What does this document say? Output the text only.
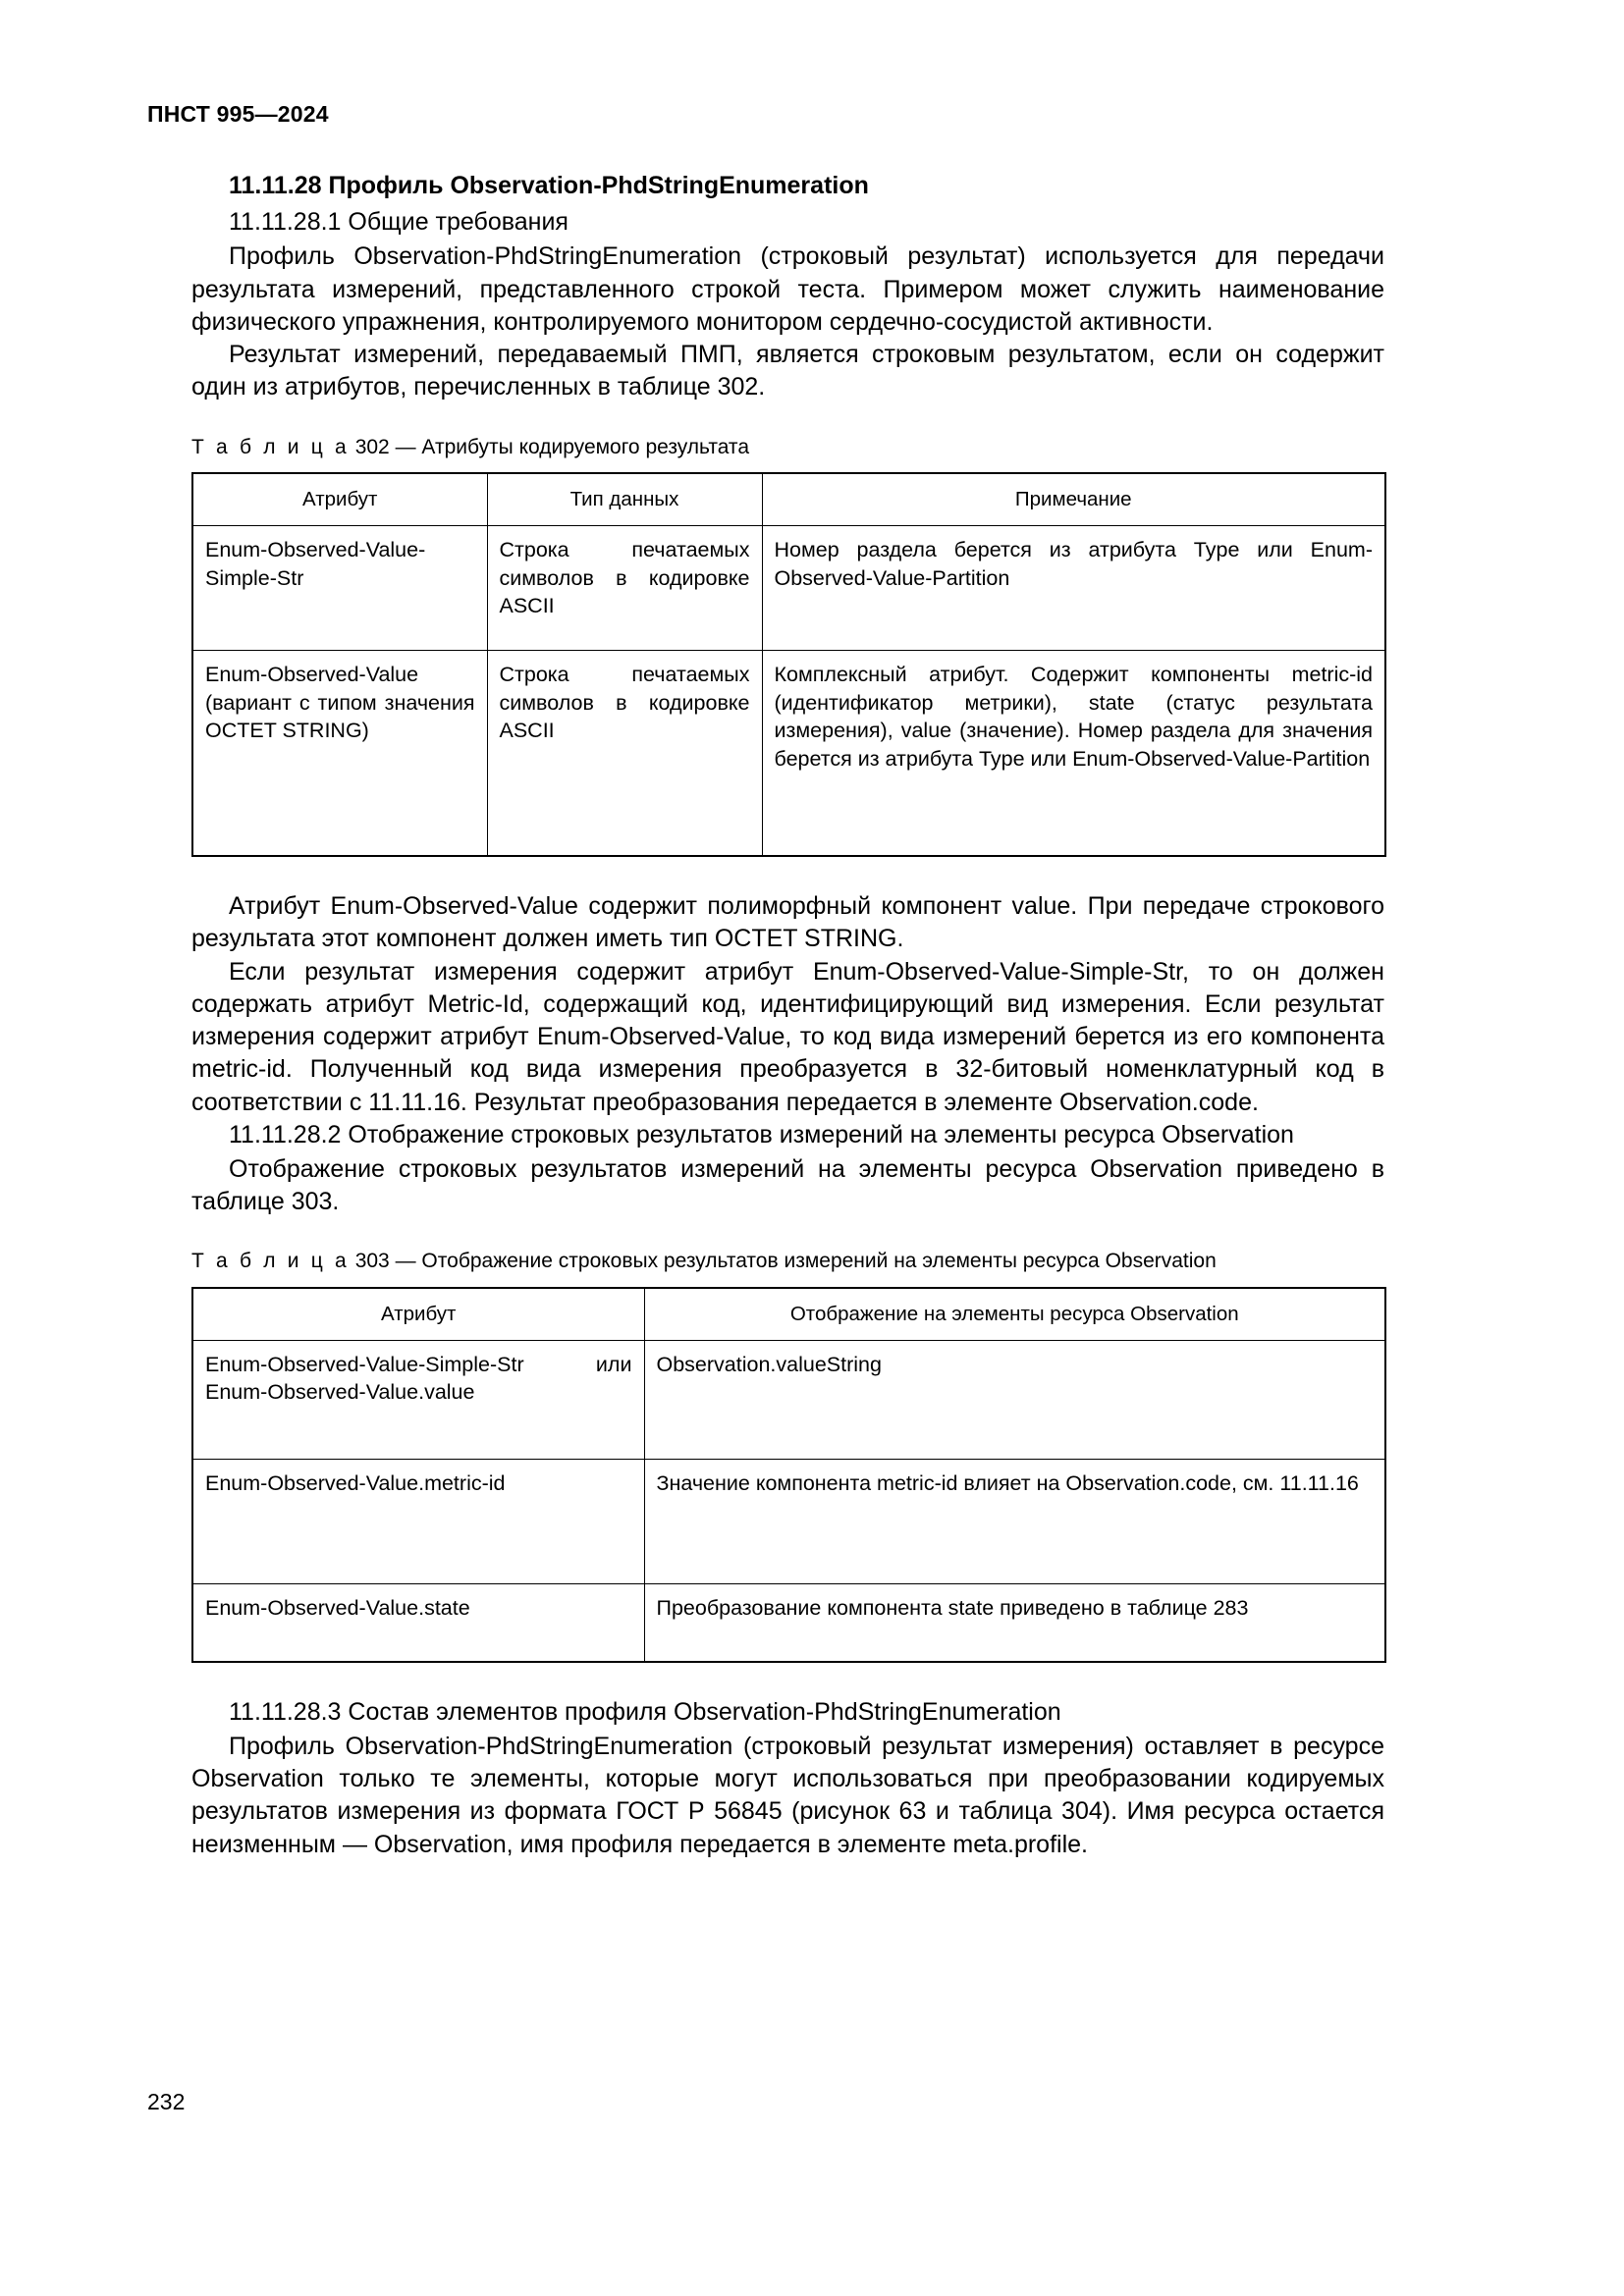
ПНСТ 995—2024
11.11.28 Профиль Observation-PhdStringEnumeration
11.11.28.1 Общие требования

Профиль Observation-PhdStringEnumeration (строковый результат) используется для передачи результата измерений, представленного строкой теста. Примером может служить наименование физического упражнения, контролируемого монитором сердечно-сосудистой активности.

Результат измерений, передаваемый ПМП, является строковым результатом, если он содержит один из атрибутов, перечисленных в таблице 302.

Т а б л и ц а 302 — Атрибуты кодируемого результата
Атрибут	Тип данных	Примечание
Enum-Observed-Value-Simple-Str	Строка печатаемых символов в кодировке ASCII	Номер раздела берется из атрибута Type или Enum-Observed-Value-Partition
Enum-Observed-Value (вариант с типом значения OCTET STRING)	Строка печатаемых символов в кодировке ASCII	Комплексный атрибут. Содержит компоненты metric-id (идентификатор метрики), state (статус результата измерения), value (значение). Номер раздела для значения берется из атрибута Type или Enum-Observed-Value-Partition

Атрибут Enum-Observed-Value содержит полиморфный компонент value. При передаче строкового результата этот компонент должен иметь тип OCTET STRING.

Если результат измерения содержит атрибут Enum-Observed-Value-Simple-Str, то он должен содержать атрибут Metric-Id, содержащий код, идентифицирующий вид измерения. Если результат измерения содержит атрибут Enum-Observed-Value, то код вида измерений берется из его компонента metric-id. Полученный код вида измерения преобразуется в 32-битовый номенклатурный код в соответствии с 11.11.16. Результат преобразования передается в элементе Observation.code.

11.11.28.2 Отображение строковых результатов измерений на элементы ресурса Observation

Отображение строковых результатов измерений на элементы ресурса Observation приведено в таблице 303.

Т а б л и ц а 303 — Отображение строковых результатов измерений на элементы ресурса Observation
Атрибут	Отображение на элементы ресурса Observation

Enum-Observed-Value-Simple-Str или
Enum-Observed-Value.value	Observation.valueString
Enum-Observed-Value.metric-id	Значение компонента metric-id влияет на Observation.code, см. 11.11.16
Enum-Observed-Value.state	Преобразование компонента state приведено в таблице 283
11.11.28.3 Состав элементов профиля Observation-PhdStringEnumeration

Профиль Observation-PhdStringEnumeration (строковый результат измерения) оставляет в ресурсе Observation только те элементы, которые могут использоваться при преобразовании кодируемых результатов измерения из формата ГОСТ Р 56845 (рисунок 63 и таблица 304). Имя ресурса остается неизменным — Observation, имя профиля передается в элементе meta.profile.

232
